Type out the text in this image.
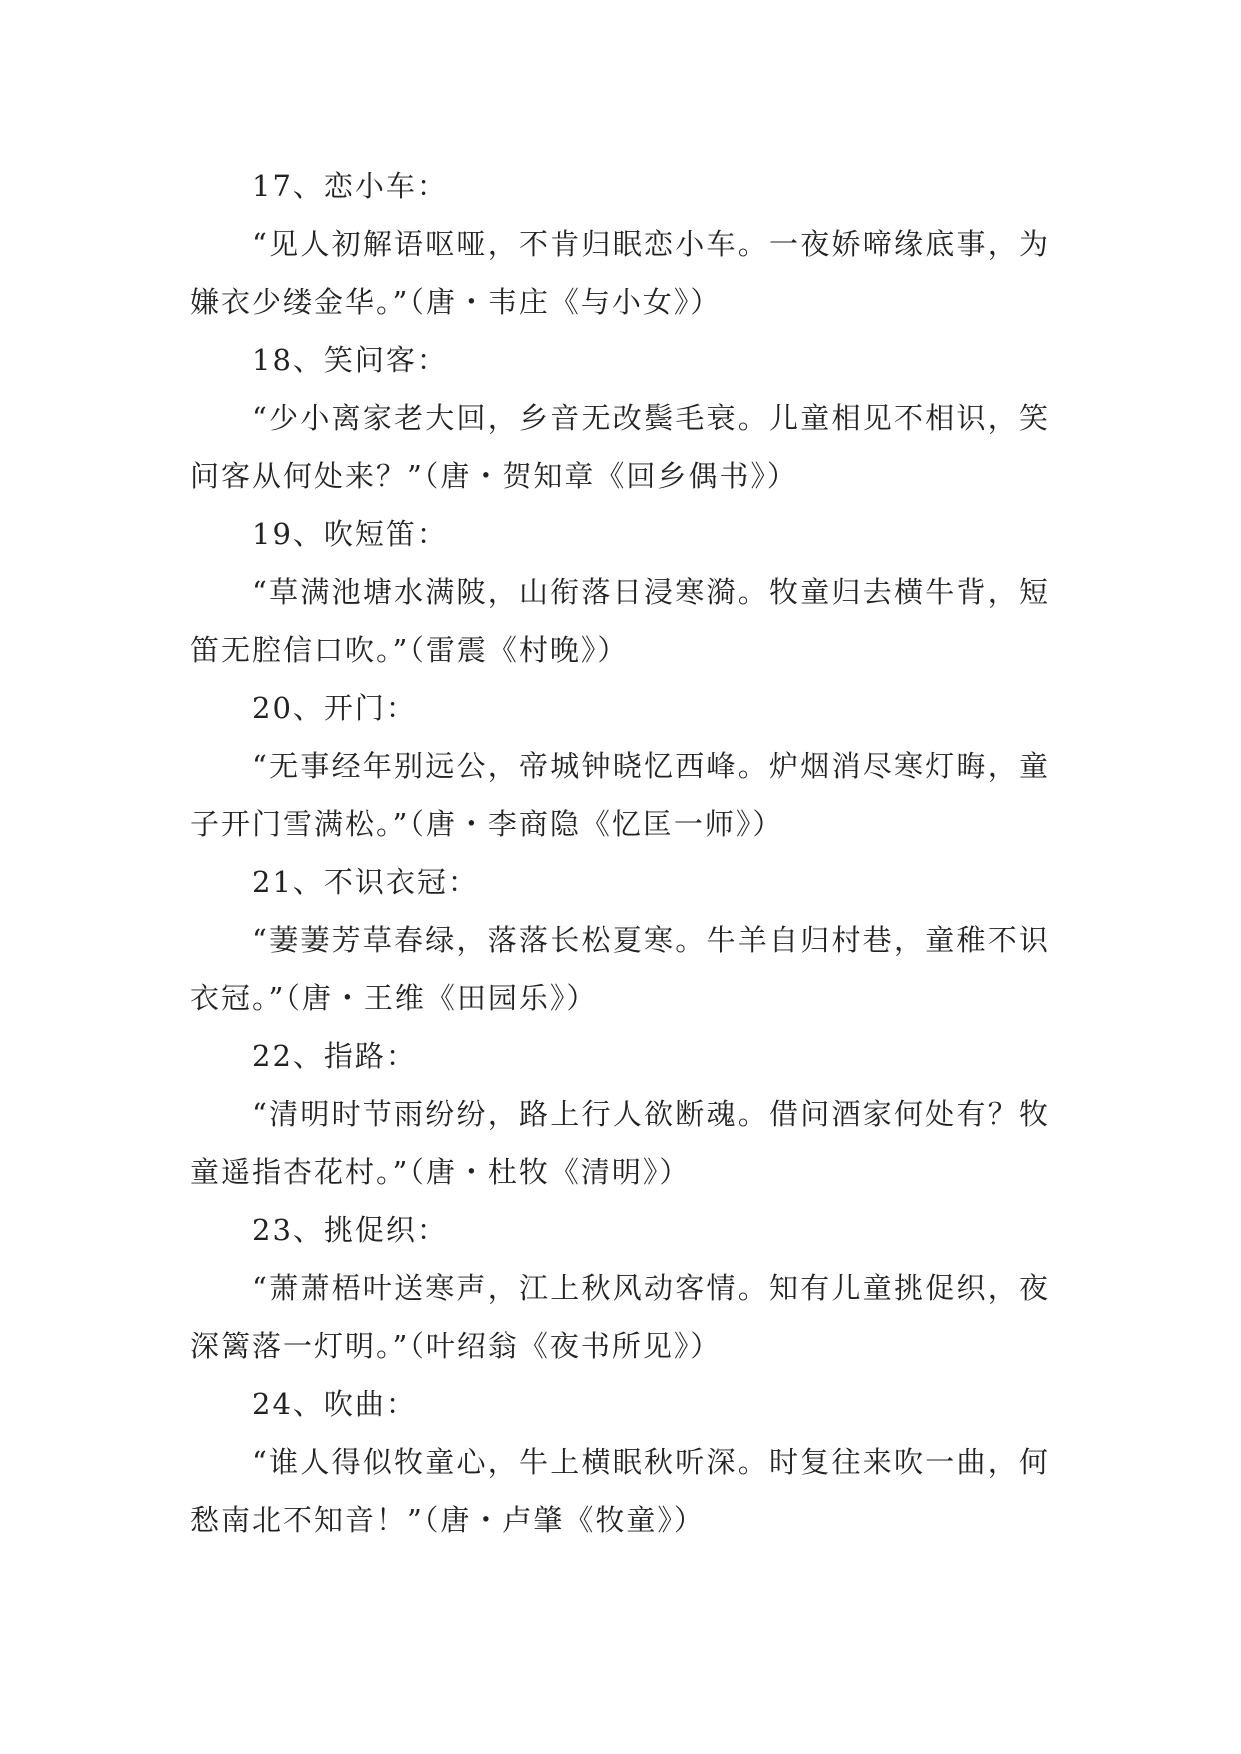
17、恋小车：
“见人初解语呕哑，不肯归眠恋小车。一夜娇啼缘底事，为嫌衣少缕金华。”（唐・韦庄《与小女》）
18、笑问客：
“少小离家老大回，乡音无改鬓毛衰。儿童相见不相识，笑问客从何处来？”（唐・贺知章《回乡偶书》）
19、吹短笛：
“草满池塘水满陂，山衔落日浸寒漪。牧童归去横牛背，短笛无腔信口吹。”（雷震《村晚》）
20、开门：
“无事经年别远公，帝城钟晓忆西峰。炉烟消尽寒灯晦，童子开门雪满松。”（唐・李商隐《忆匡一师》）
21、不识衣冠：
“萋萋芳草春绿，落落长松夏寒。牛羊自归村巷，童稚不识衣冠。”（唐・王维《田园乐》）
22、指路：
“清明时节雨纷纷，路上行人欲断魂。借问酒家何处有？牧童遥指杏花村。”（唐・杜牧《清明》）
23、挑促织：
“萧萧梧叶送寒声，江上秋风动客情。知有儿童挑促织，夜深篱落一灯明。”（叶绍翁《夜书所见》）
24、吹曲：
“谁人得似牧童心，牛上横眠秋听深。时复往来吹一曲，何愁南北不知音！”（唐・卢肇《牧童》）
